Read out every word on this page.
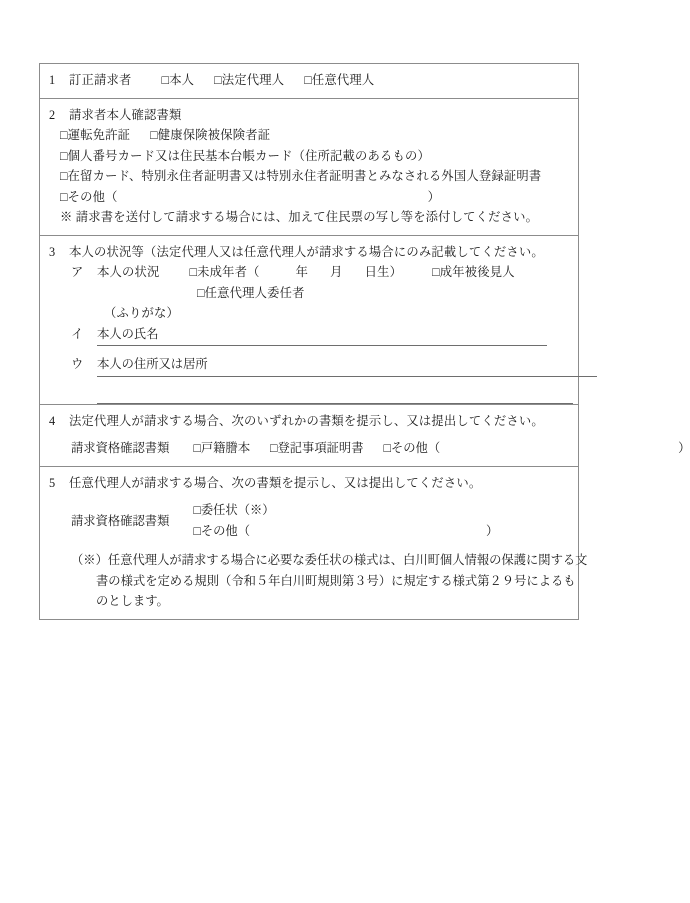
1 訂正請求者 □本人 □法定代理人 □任意代理人
2 請求者本人確認書類
□運転免許証 □健康保険被保険者証
□個人番号カード又は住民基本台帳カード（住所記載のあるもの）
□在留カード、特別永住者証明書又は特別永住者証明書とみなされる外国人登録証明書
□その他（	）
※ 請求書を送付して請求する場合には、加えて住民票の写し等を添付してください。
3 本人の状況等（法定代理人又は任意代理人が請求する場合にのみ記載してください。
ア 本人の状況 □未成年者（	年 月 日生） □成年被後見人
□任意代理人委任者
（ふりがな）
イ 本人の氏名
ウ 本人の住所又は居所
4 法定代理人が請求する場合、次のいずれかの書類を提示し、又は提出してください。
請求資格確認書類 □戸籍謄本 □登記事項証明書 □その他（	）
5 任意代理人が請求する場合、次の書類を提示し、又は提出してください。
請求資格確認書類
□委任状（※）
□その他（	）
（※）任意代理人が請求する場合に必要な委任状の様式は、白川町個人情報の保護に関する文
書の様式を定める規則（令和５年白川町規則第３号）に規定する様式第２９号によるも
のとします。
